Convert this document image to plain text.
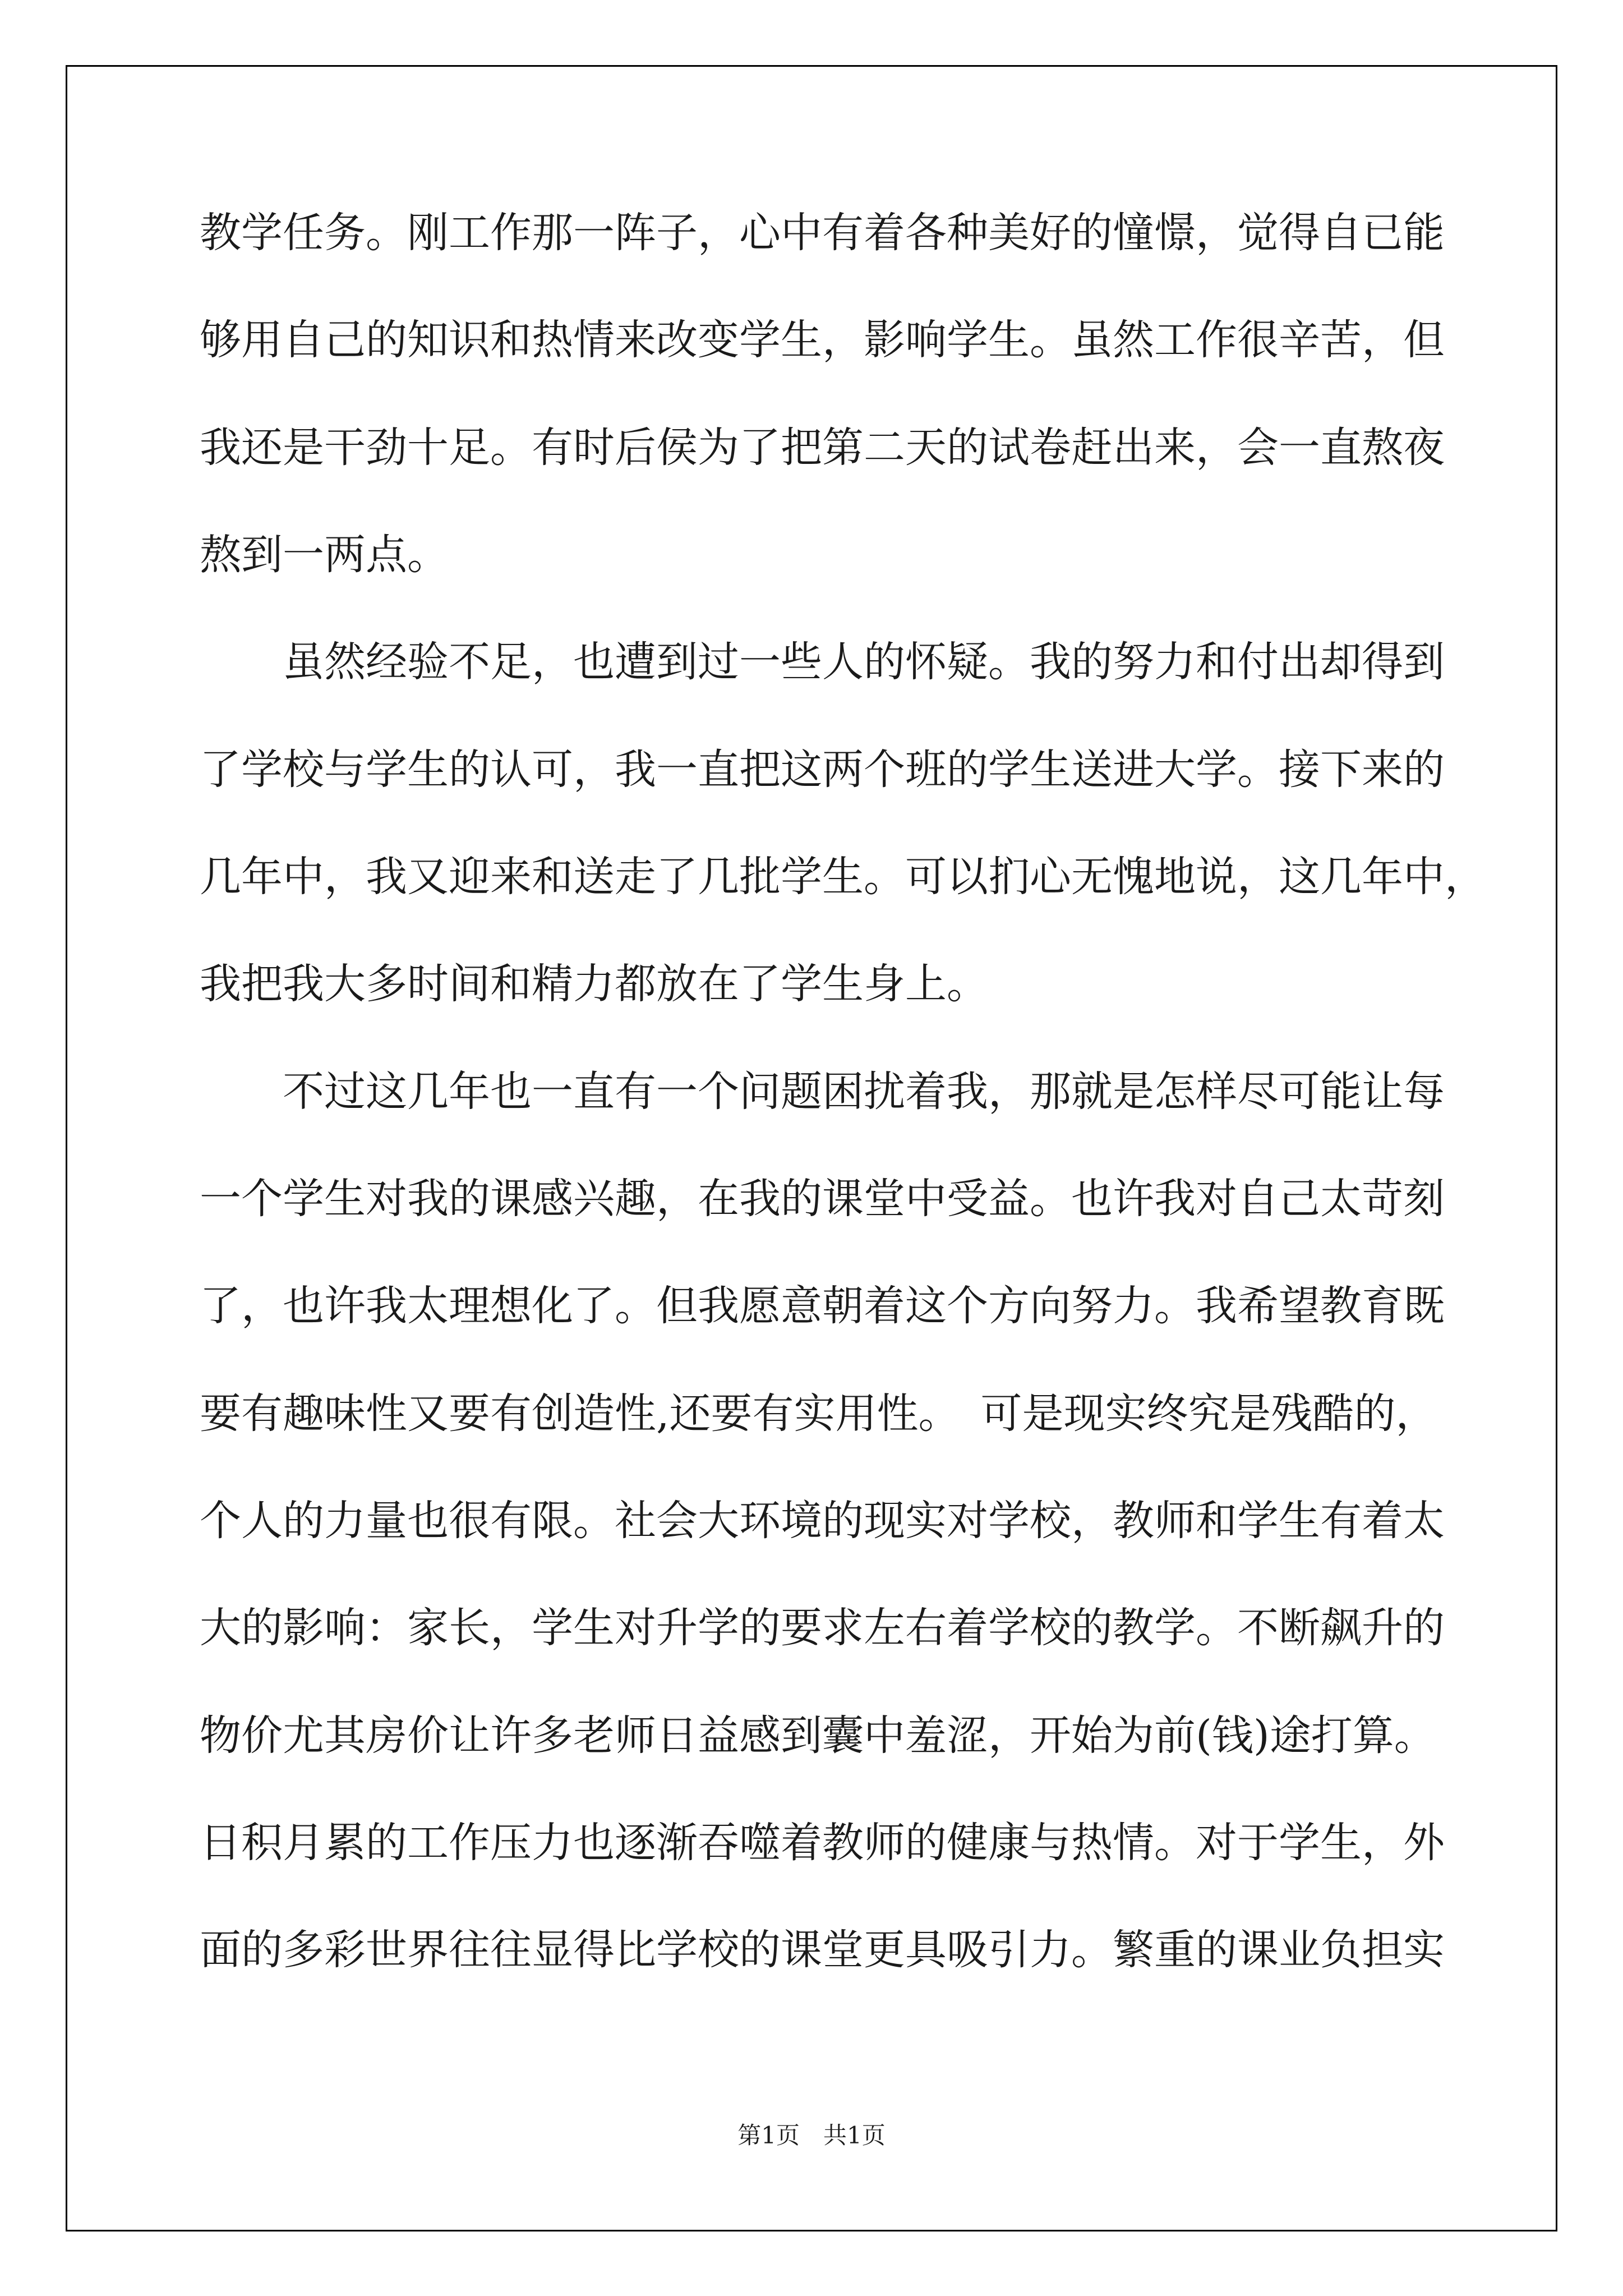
教学任务。刚工作那一阵子，心中有着各种美好的憧憬，觉得自已能
够用自己的知识和热情来改变学生，影响学生。虽然工作很辛苦，但
我还是干劲十足。有时后侯为了把第二天的试卷赶出来，会一直熬夜
熬到一两点。
虽然经验不足，也遭到过一些人的怀疑。我的努力和付出却得到
了学校与学生的认可，我一直把这两个班的学生送进大学。接下来的
几年中，我又迎来和送走了几批学生。可以扪心无愧地说，这几年中，
我把我大多时间和精力都放在了学生身上。
不过这几年也一直有一个问题困扰着我，那就是怎样尽可能让每
一个学生对我的课感兴趣，在我的课堂中受益。也许我对自己太苛刻
了，也许我太理想化了。但我愿意朝着这个方向努力。我希望教育既
要有趣味性又要有创造性,还要有实用性。　可是现实终究是残酷的，
个人的力量也很有限。社会大环境的现实对学校，教师和学生有着太
大的影响：家长，学生对升学的要求左右着学校的教学。不断飙升的
物价尤其房价让许多老师日益感到囊中羞涩，开始为前(钱)途打算。
日积月累的工作压力也逐渐吞噬着教师的健康与热情。对于学生，外
面的多彩世界往往显得比学校的课堂更具吸引力。繁重的课业负担实
第1页　共1页
